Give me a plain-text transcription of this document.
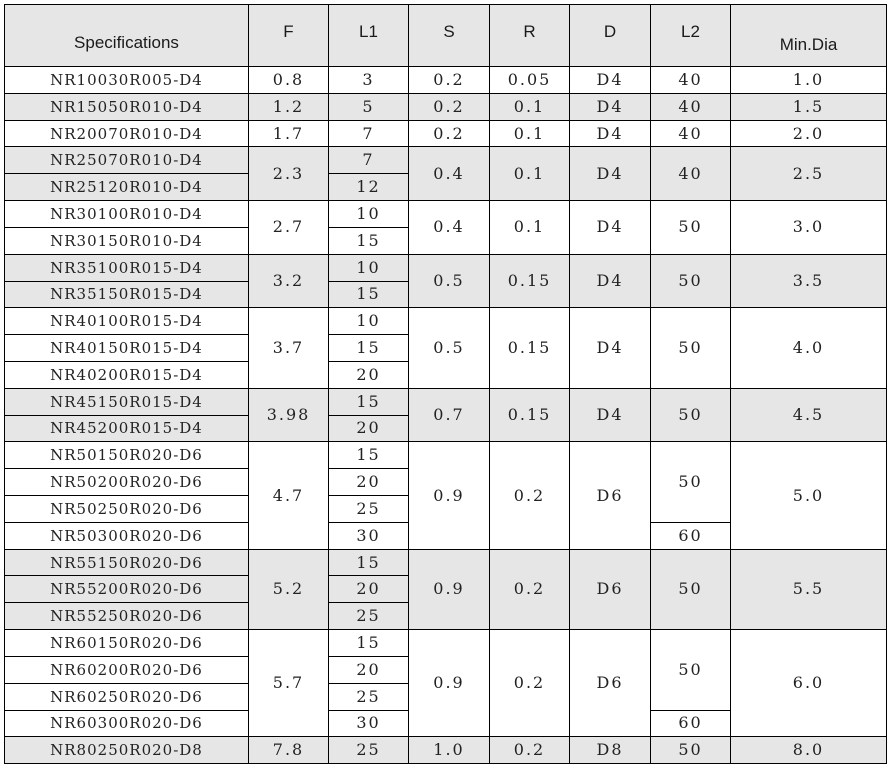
Specifications	F	L1	S	R	D	L2	Min.Dia
NR10030R005-D4	0.8	3	0.2	0.05	D4	40	1.0
NR15050R010-D4	1.2	5	0.2	0.1	D4	40	1.5
NR20070R010-D4	1.7	7	0.2	0.1	D4	40	2.0
NR25070R010-D4	2.3	7	0.4	0.1	D4	40	2.5
NR25120R010-D4		12					
NR30100R010-D4	2.7	10	0.4	0.1	D4	50	3.0
NR30150R010-D4		15					
NR35100R015-D4	3.2	10	0.5	0.15	D4	50	3.5
NR35150R015-D4		15					
NR40100R015-D4	3.7	10	0.5	0.15	D4	50	4.0
NR40150R015-D4		15					
NR40200R015-D4		20					
NR45150R015-D4	3.98	15	0.7	0.15	D4	50	4.5
NR45200R015-D4		20					
NR50150R020-D6	4.7	15	0.9	0.2	D6	50	5.0
NR50200R020-D6		20					
NR50250R020-D6		25					
NR50300R020-D6		30				60	
NR55150R020-D6	5.2	15	0.9	0.2	D6	50	5.5
NR55200R020-D6		20					
NR55250R020-D6		25					
NR60150R020-D6	5.7	15	0.9	0.2	D6	50	6.0
NR60200R020-D6		20					
NR60250R020-D6		25					
NR60300R020-D6		30				60	
NR80250R020-D8	7.8	25	1.0	0.2	D8	50	8.0
